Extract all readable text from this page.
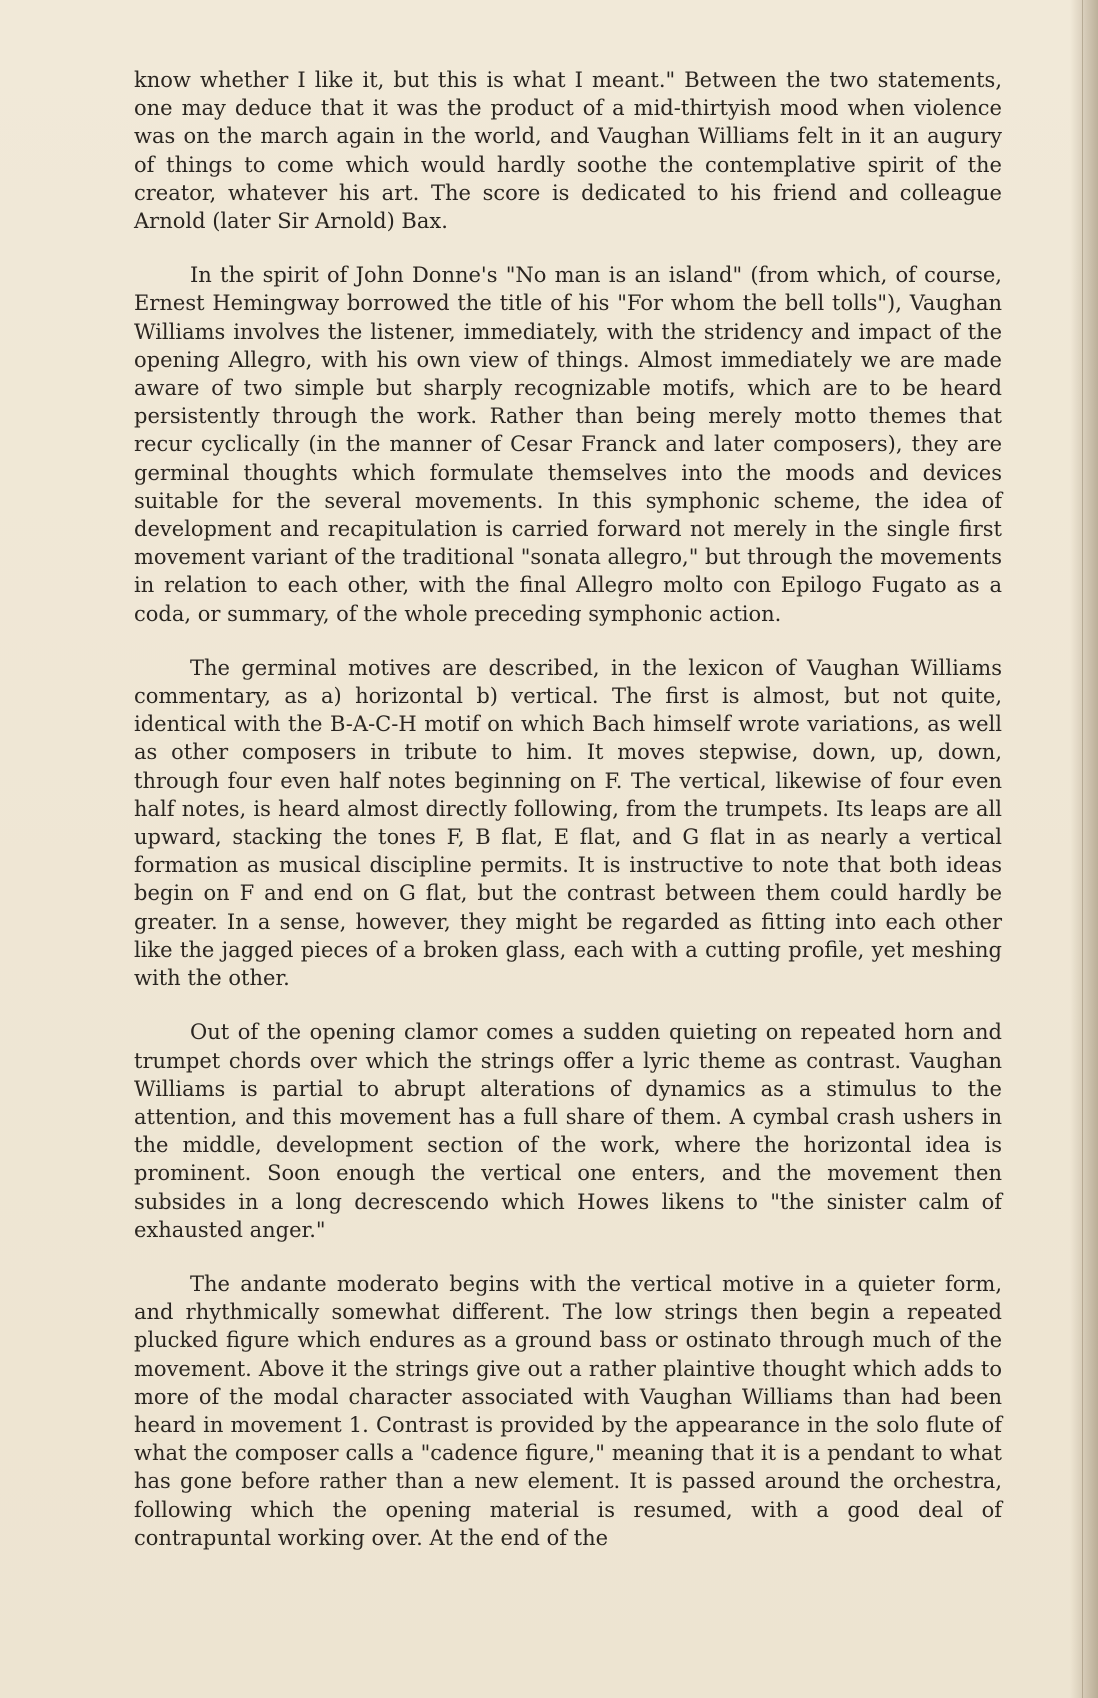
know whether I like it, but this is what I meant." Between the two statements, one may deduce that it was the product of a mid-thirtyish mood when violence was on the march again in the world, and Vaughan Williams felt in it an augury of things to come which would hardly soothe the contemplative spirit of the creator, whatever his art. The score is dedicated to his friend and colleague Arnold (later Sir Arnold) Bax.

In the spirit of John Donne's "No man is an island" (from which, of course, Ernest Hemingway borrowed the title of his "For whom the bell tolls"), Vaughan Williams involves the listener, immediately, with the stridency and impact of the opening Allegro, with his own view of things. Almost immediately we are made aware of two simple but sharply recognizable motifs, which are to be heard persistently through the work. Rather than being merely motto themes that recur cyclically (in the manner of Cesar Franck and later composers), they are germinal thoughts which formulate themselves into the moods and devices suitable for the several movements. In this symphonic scheme, the idea of development and recapitulation is carried forward not merely in the single first movement variant of the traditional "sonata allegro," but through the movements in relation to each other, with the final Allegro molto con Epilogo Fugato as a coda, or summary, of the whole preceding symphonic action.

The germinal motives are described, in the lexicon of Vaughan Williams commentary, as a) horizontal b) vertical. The first is almost, but not quite, identical with the B-A-C-H motif on which Bach himself wrote variations, as well as other composers in tribute to him. It moves stepwise, down, up, down, through four even half notes beginning on F. The vertical, likewise of four even half notes, is heard almost directly following, from the trumpets. Its leaps are all upward, stacking the tones F, B flat, E flat, and G flat in as nearly a vertical formation as musical discipline permits. It is instructive to note that both ideas begin on F and end on G flat, but the contrast between them could hardly be greater. In a sense, however, they might be regarded as fitting into each other like the jagged pieces of a broken glass, each with a cutting profile, yet meshing with the other.

Out of the opening clamor comes a sudden quieting on repeated horn and trumpet chords over which the strings offer a lyric theme as contrast. Vaughan Williams is partial to abrupt alterations of dynamics as a stimulus to the attention, and this movement has a full share of them. A cymbal crash ushers in the middle, development section of the work, where the horizontal idea is prominent. Soon enough the vertical one enters, and the movement then subsides in a long decrescendo which Howes likens to "the sinister calm of exhausted anger."

The andante moderato begins with the vertical motive in a quieter form, and rhythmically somewhat different. The low strings then begin a repeated plucked figure which endures as a ground bass or ostinato through much of the movement. Above it the strings give out a rather plaintive thought which adds to more of the modal character associated with Vaughan Williams than had been heard in movement 1. Contrast is provided by the appearance in the solo flute of what the composer calls a "cadence figure," meaning that it is a pendant to what has gone before rather than a new element. It is passed around the orchestra, following which the opening material is resumed, with a good deal of contrapuntal working over. At the end of the
